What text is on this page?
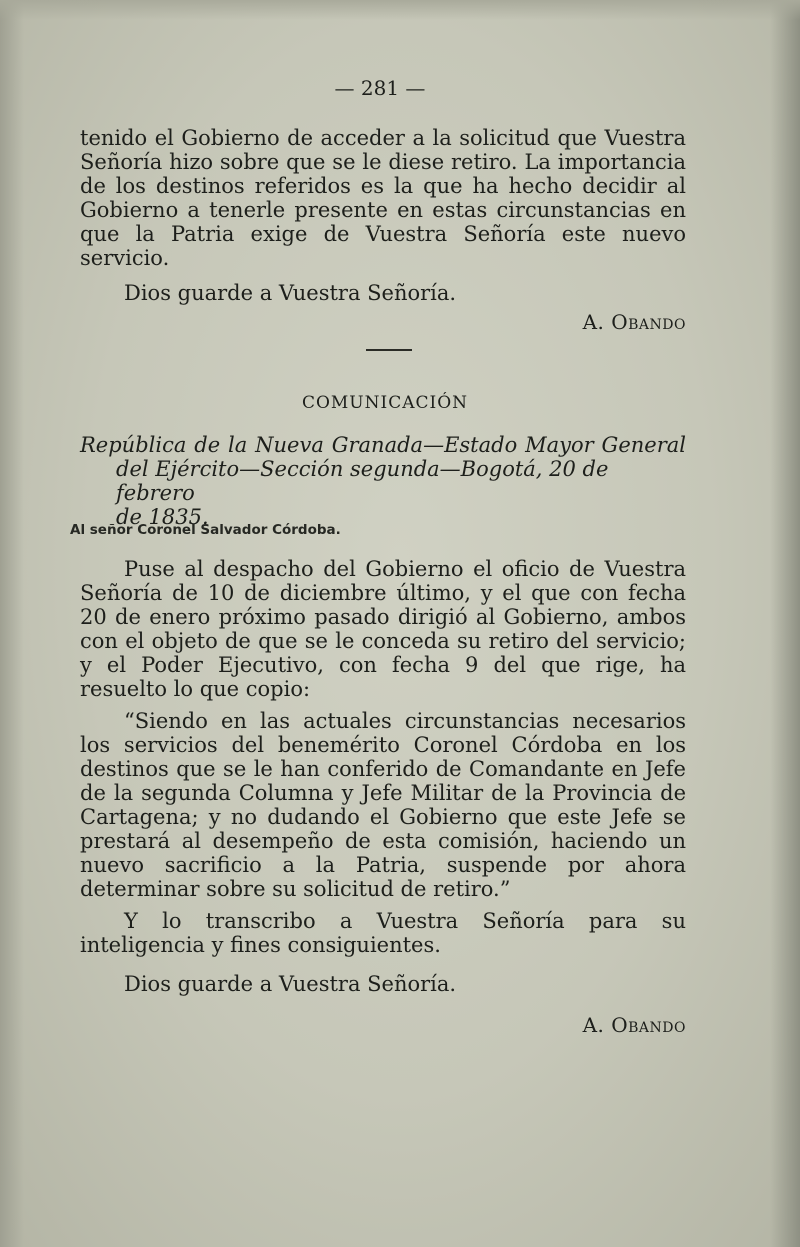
— 281 —

tenido el Gobierno de acceder a la solicitud que Vuestra Señoría hizo sobre que se le diese retiro. La importancia de los destinos referidos es la que ha hecho decidir al Gobierno a tenerle presente en estas circunstancias en que la Patria exige de Vuestra Señoría este nuevo servicio.

Dios guarde a Vuestra Señoría.

A. Obando
COMUNICACIÓN
República de la Nueva Granada—Estado Mayor General
del Ejército—Sección segunda—Bogotá, 20 de febrero
de 1835.
Al señor Coronel Salvador Córdoba.

Puse al despacho del Gobierno el oficio de Vuestra Señoría de 10 de diciembre último, y el que con fecha 20 de enero próximo pasado dirigió al Gobierno, ambos con el objeto de que se le conceda su retiro del servicio; y el Poder Ejecutivo, con fecha 9 del que rige, ha resuelto lo que copio:

“Siendo en las actuales circunstancias necesarios los servicios del benemérito Coronel Córdoba en los destinos que se le han conferido de Comandante en Jefe de la segunda Columna y Jefe Militar de la Provincia de Cartagena; y no dudando el Gobierno que este Jefe se prestará al desempeño de esta comisión, haciendo un nuevo sacrificio a la Patria, suspende por ahora determinar sobre su solicitud de retiro.”

Y lo transcribo a Vuestra Señoría para su inteligencia y fines consiguientes.

Dios guarde a Vuestra Señoría.

A. Obando
